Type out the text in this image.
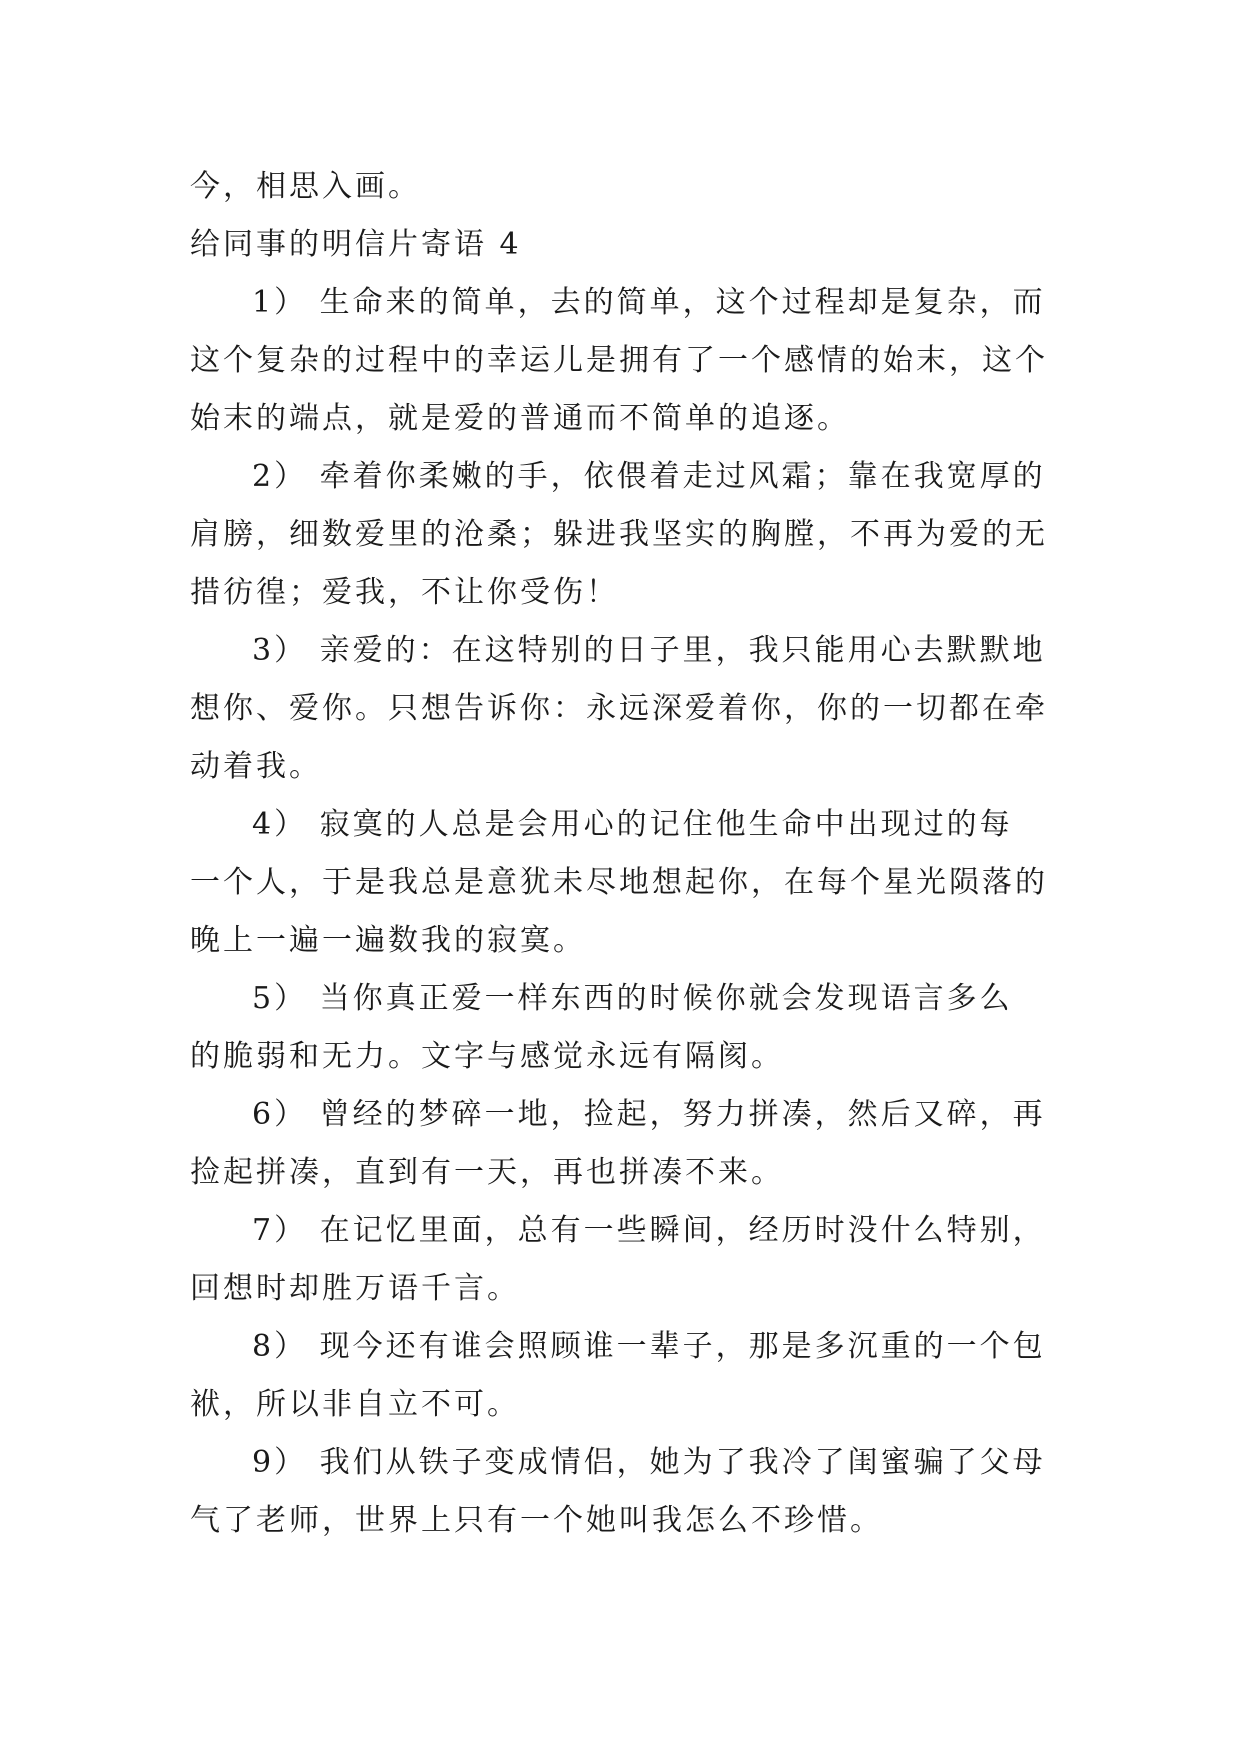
今，相思入画。
给同事的明信片寄语 4
1） 生命来的简单，去的简单，这个过程却是复杂，而
这个复杂的过程中的幸运儿是拥有了一个感情的始末，这个
始末的端点，就是爱的普通而不简单的追逐。
2） 牵着你柔嫩的手，依偎着走过风霜；靠在我宽厚的
肩膀，细数爱里的沧桑；躲进我坚实的胸膛，不再为爱的无
措彷徨；爱我，不让你受伤！
3） 亲爱的：在这特别的日子里，我只能用心去默默地
想你、爱你。只想告诉你：永远深爱着你，你的一切都在牵
动着我。
4） 寂寞的人总是会用心的记住他生命中出现过的每
一个人，于是我总是意犹未尽地想起你，在每个星光陨落的
晚上一遍一遍数我的寂寞。
5） 当你真正爱一样东西的时候你就会发现语言多么
的脆弱和无力。文字与感觉永远有隔阂。
6） 曾经的梦碎一地，捡起，努力拼凑，然后又碎，再
捡起拼凑，直到有一天，再也拼凑不来。
7） 在记忆里面，总有一些瞬间，经历时没什么特别，
回想时却胜万语千言。
8） 现今还有谁会照顾谁一辈子，那是多沉重的一个包
袱，所以非自立不可。
9） 我们从铁子变成情侣，她为了我冷了闺蜜骗了父母
气了老师，世界上只有一个她叫我怎么不珍惜。
